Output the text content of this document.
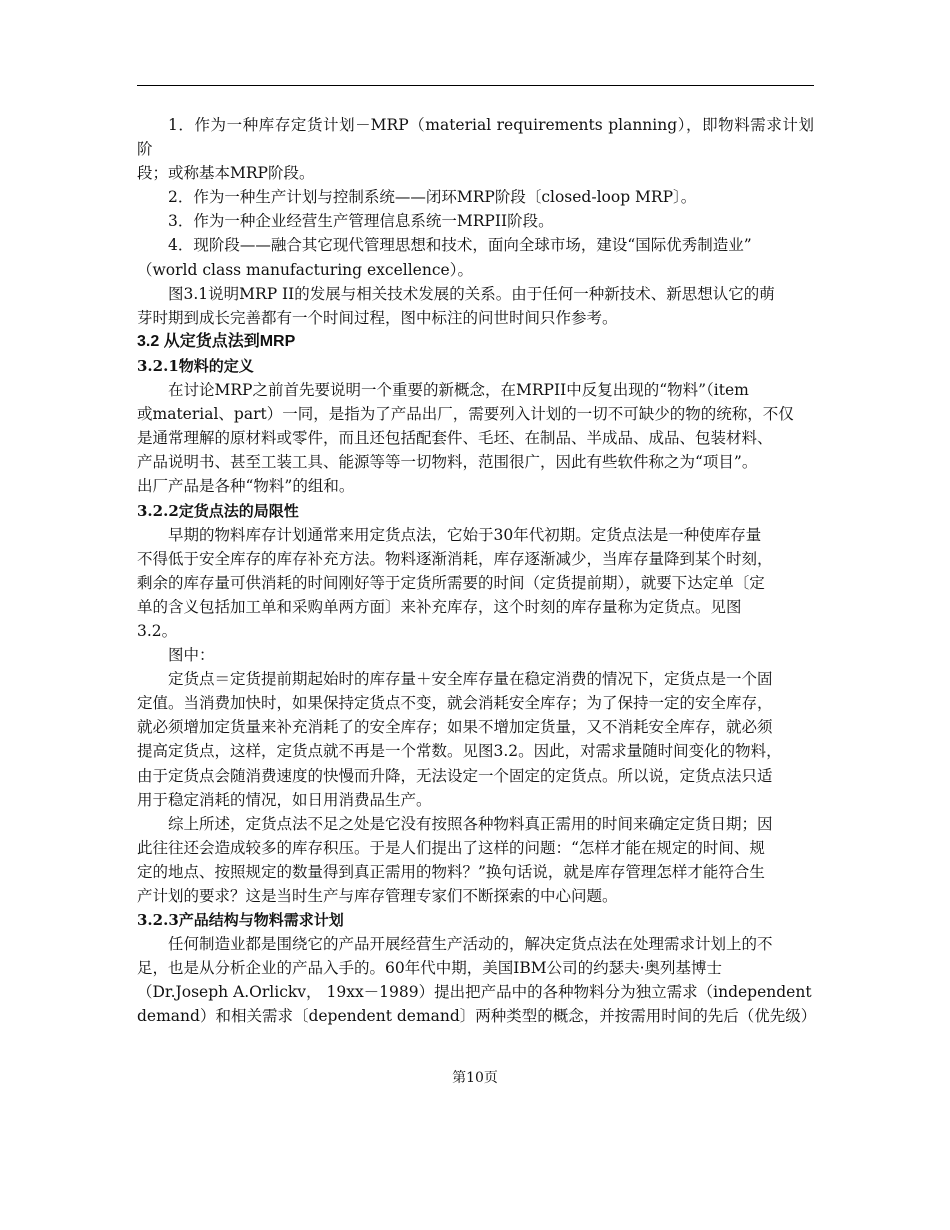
1．作为一种库存定货计划－MRP（material requirements planning），即物料需求计划阶
段；或称基本MRP阶段。

2．作为一种生产计划与控制系统——闭环MRP阶段〔closed-loop MRP〕。

3．作为一种企业经营生产管理信息系统一MRPII阶段。

4．现阶段——融合其它现代管理思想和技术，面向全球市场，建设“国际优秀制造业”
（world class manufacturing excellence）。

图3.1说明MRP II的发展与相关技术发展的关系。由于任何一种新技术、新思想认它的萌
芽时期到成长完善都有一个时间过程，图中标注的问世时间只作参考。

3.2 从定货点法到MRP
3.2.1物料的定义

在讨论MRP之前首先要说明一个重要的新概念，在MRPII中反复出现的“物料”（item
或material、part）一同，是指为了产品出厂，需要列入计划的一切不可缺少的物的统称，不仅
是通常理解的原材料或零件，而且还包括配套件、毛坯、在制品、半成品、成品、包装材料、
产品说明书、甚至工装工具、能源等等一切物料，范围很广，因此有些软件称之为“项目”。
出厂产品是各种“物料”的组和。

3.2.2定货点法的局限性

早期的物料库存计划通常来用定货点法，它始于30年代初期。定货点法是一种使库存量
不得低于安全库存的库存补充方法。物料逐渐消耗，库存逐渐减少，当库存量降到某个时刻，
剩余的库存量可供消耗的时间刚好等于定货所需要的时间（定货提前期），就要下达定单〔定
单的含义包括加工单和采购单两方面〕来补充库存，这个时刻的库存量称为定货点。见图
3.2。

图中：

定货点＝定货提前期起始时的库存量＋安全库存量在稳定消费的情况下，定货点是一个固
定值。当消费加快时，如果保持定货点不变，就会消耗安全库存；为了保持一定的安全库存，
就必须增加定货量来补充消耗了的安全库存；如果不增加定货量，又不消耗安全库存，就必须
提高定货点，这样，定货点就不再是一个常数。见图3.2。因此，对需求量随时间变化的物料，
由于定货点会随消费速度的快慢而升降，无法设定一个固定的定货点。所以说，定货点法只适
用于稳定消耗的情况，如日用消费品生产。

综上所述，定货点法不足之处是它没有按照各种物料真正需用的时间来确定定货日期；因
此往往还会造成较多的库存积压。于是人们提出了这样的问题：“怎样才能在规定的时间、规
定的地点、按照规定的数量得到真正需用的物料？”换句话说，就是库存管理怎样才能符合生
产计划的要求？这是当时生产与库存管理专家们不断探索的中心问题。

3.2.3产品结构与物料需求计划

任何制造业都是围绕它的产品开展经营生产活动的，解决定货点法在处理需求计划上的不
足，也是从分析企业的产品入手的。60年代中期，美国IBM公司的约瑟夫·奥列基博士
（Dr.Joseph A.Orlickv， 19xx－1989）提出把产品中的各种物料分为独立需求（independent
demand）和相关需求〔dependent demand〕两种类型的概念，并按需用时间的先后（优先级）

第10页
